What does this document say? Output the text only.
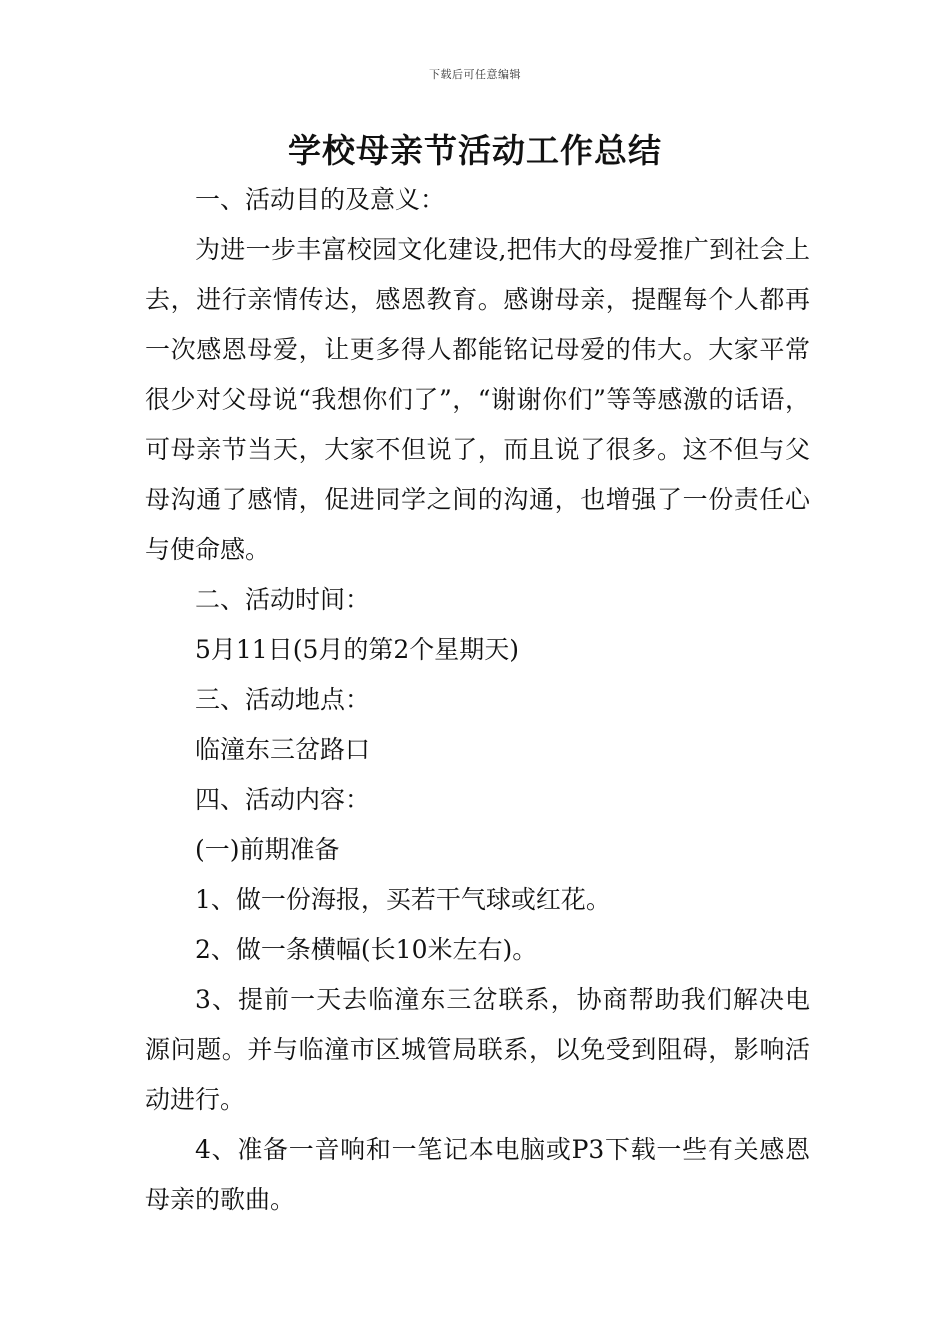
下载后可任意编辑
学校母亲节活动工作总结

一、活动目的及意义：

为进一步丰富校园文化建设,把伟大的母爱推广到社会上去，进行亲情传达，感恩教育。感谢母亲，提醒每个人都再一次感恩母爱，让更多得人都能铭记母爱的伟大。大家平常很少对父母说“我想你们了”，“谢谢你们”等等感激的话语，可母亲节当天，大家不但说了，而且说了很多。这不但与父母沟通了感情，促进同学之间的沟通，也增强了一份责任心与使命感。

二、活动时间：

5月11日(5月的第2个星期天)

三、活动地点：

临潼东三岔路口

四、活动内容：

(一)前期准备

1、做一份海报，买若干气球或红花。

2、做一条横幅(长10米左右)。

3、提前一天去临潼东三岔联系，协商帮助我们解决电源问题。并与临潼市区城管局联系，以免受到阻碍，影响活动进行。

4、准备一音响和一笔记本电脑或P3下载一些有关感恩母亲的歌曲。
